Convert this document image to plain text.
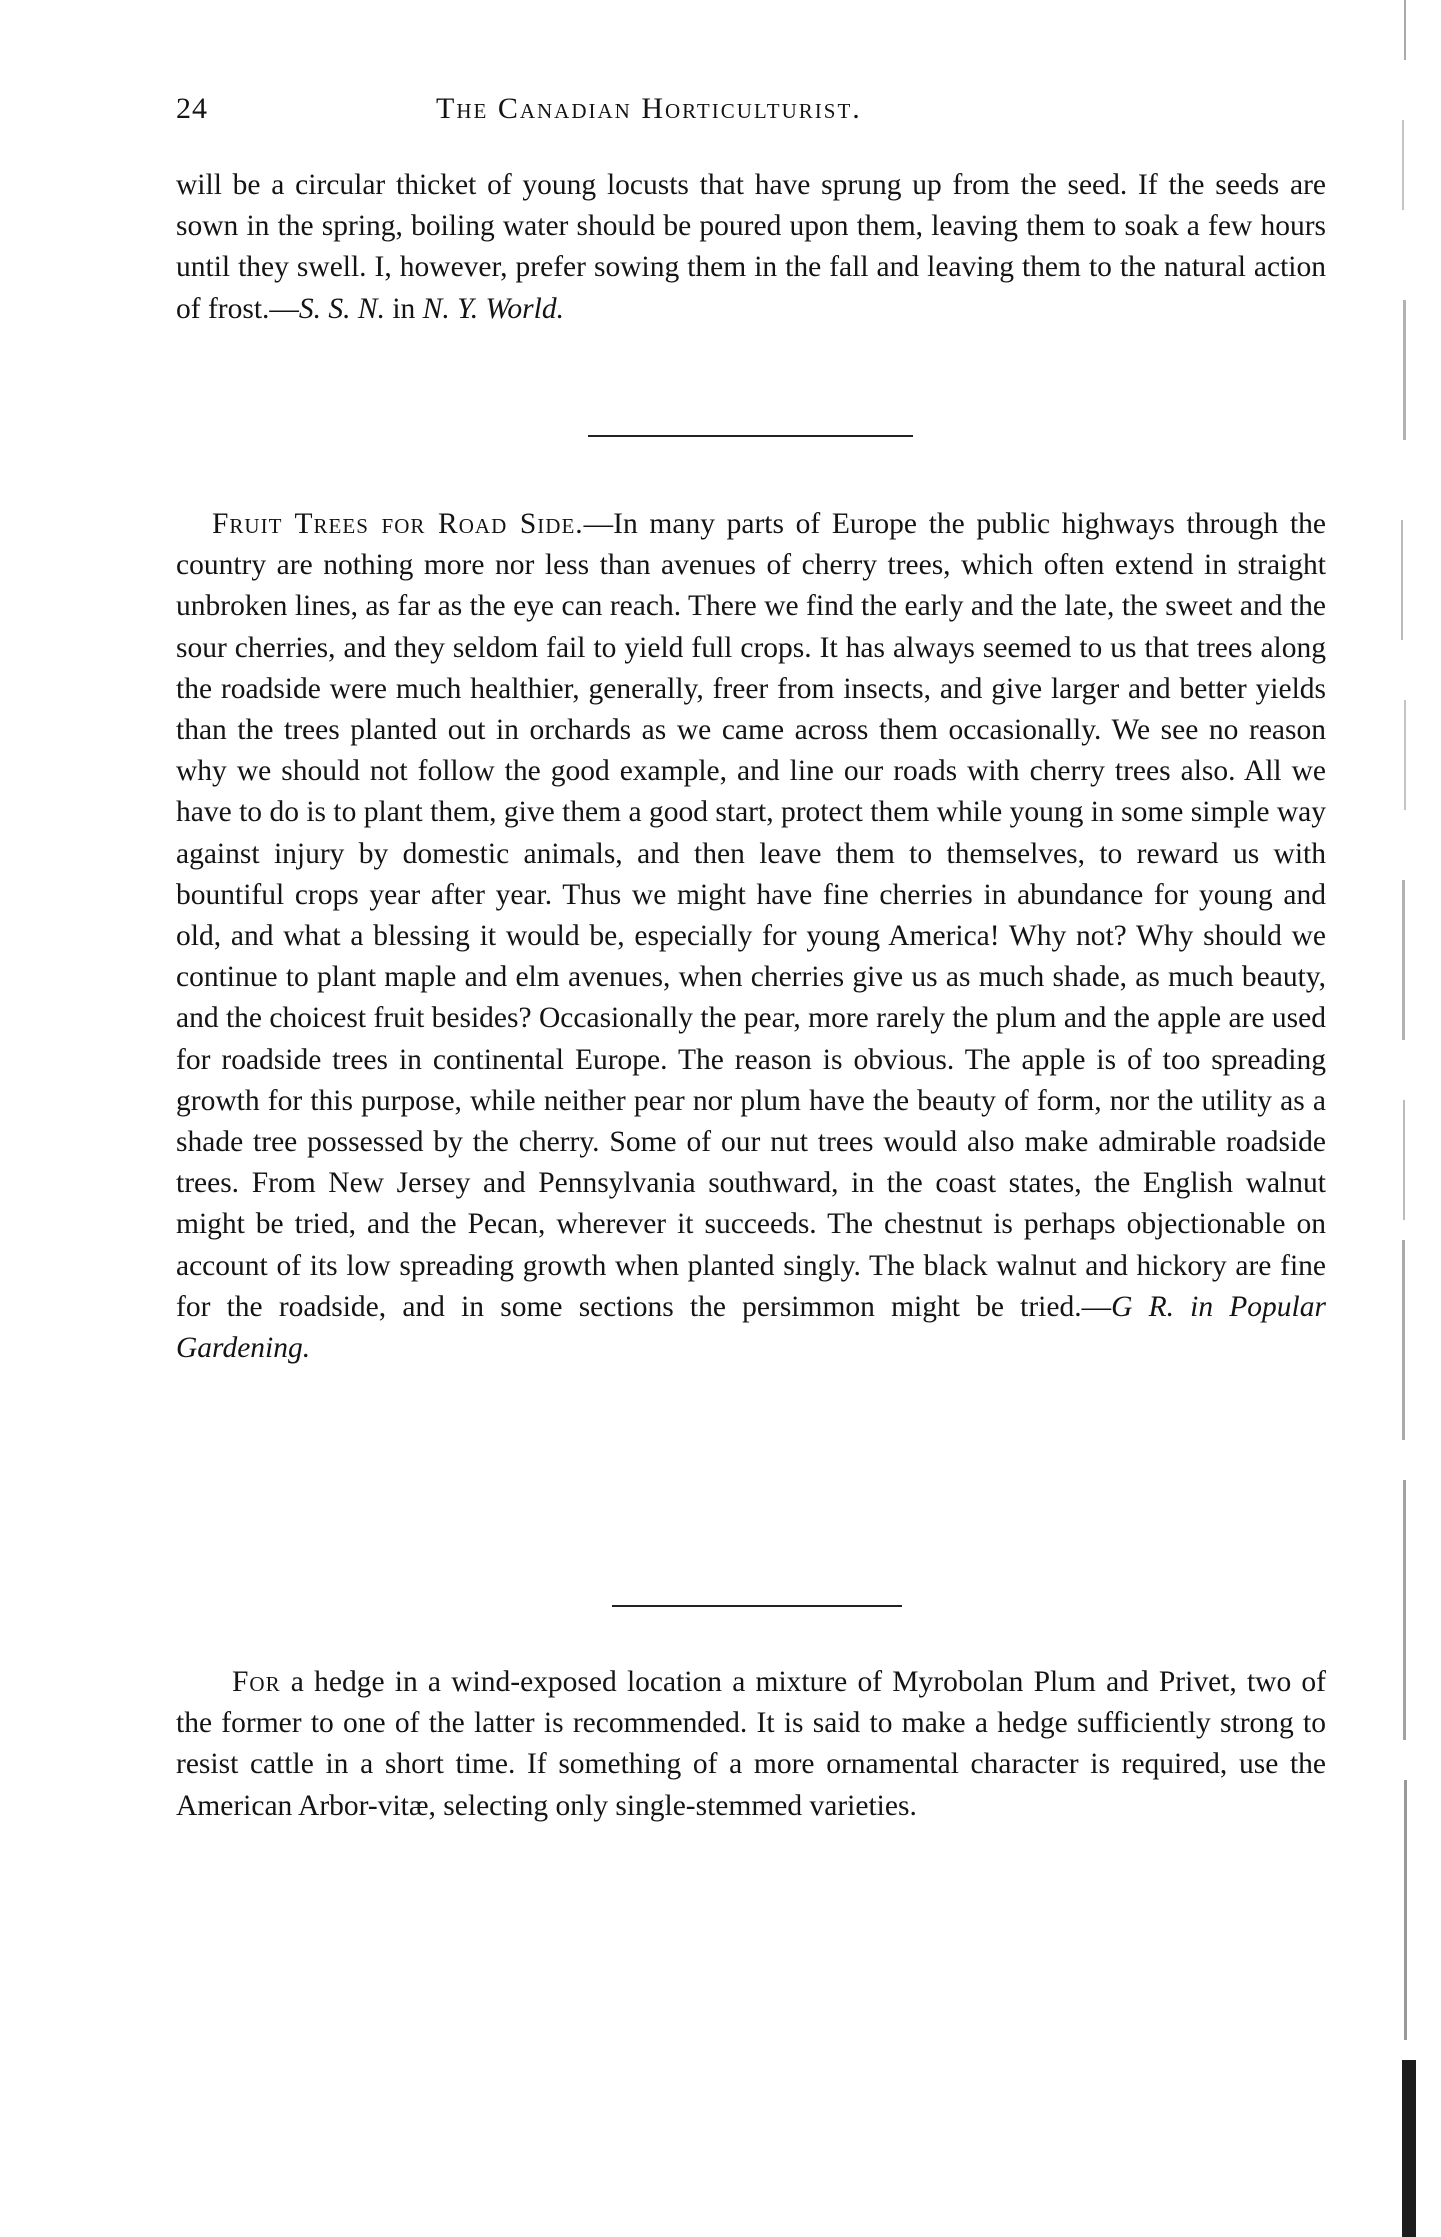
24	The Canadian Horticulturist.

will be a circular thicket of young locusts that have sprung up from the seed. If the seeds are sown in the spring, boiling water should be poured upon them, leaving them to soak a few hours until they swell. I, however, prefer sowing them in the fall and leaving them to the natural action of frost.—S. S. N. in N. Y. World.

Fruit Trees for Road Side.—In many parts of Europe the public highways through the country are nothing more nor less than avenues of cherry trees, which often extend in straight unbroken lines, as far as the eye can reach. There we find the early and the late, the sweet and the sour cherries, and they seldom fail to yield full crops. It has always seemed to us that trees along the roadside were much healthier, generally, freer from insects, and give larger and better yields than the trees planted out in orchards as we came across them occasionally. We see no reason why we should not follow the good example, and line our roads with cherry trees also. All we have to do is to plant them, give them a good start, protect them while young in some simple way against injury by domestic animals, and then leave them to themselves, to reward us with bountiful crops year after year. Thus we might have fine cherries in abundance for young and old, and what a blessing it would be, especially for young America! Why not? Why should we continue to plant maple and elm avenues, when cherries give us as much shade, as much beauty, and the choicest fruit besides? Occasionally the pear, more rarely the plum and the apple are used for roadside trees in continental Europe. The reason is obvious. The apple is of too spreading growth for this purpose, while neither pear nor plum have the beauty of form, nor the utility as a shade tree possessed by the cherry. Some of our nut trees would also make admirable roadside trees. From New Jersey and Pennsylvania southward, in the coast states, the English walnut might be tried, and the Pecan, wherever it succeeds. The chestnut is perhaps objectionable on account of its low spreading growth when planted singly. The black walnut and hickory are fine for the roadside, and in some sections the persimmon might be tried.—G R. in Popular Gardening.

For a hedge in a wind-exposed location a mixture of Myrobolan Plum and Privet, two of the former to one of the latter is recommended. It is said to make a hedge sufficiently strong to resist cattle in a short time. If something of a more ornamental character is required, use the American Arbor-vitæ, selecting only single-stemmed varieties.
